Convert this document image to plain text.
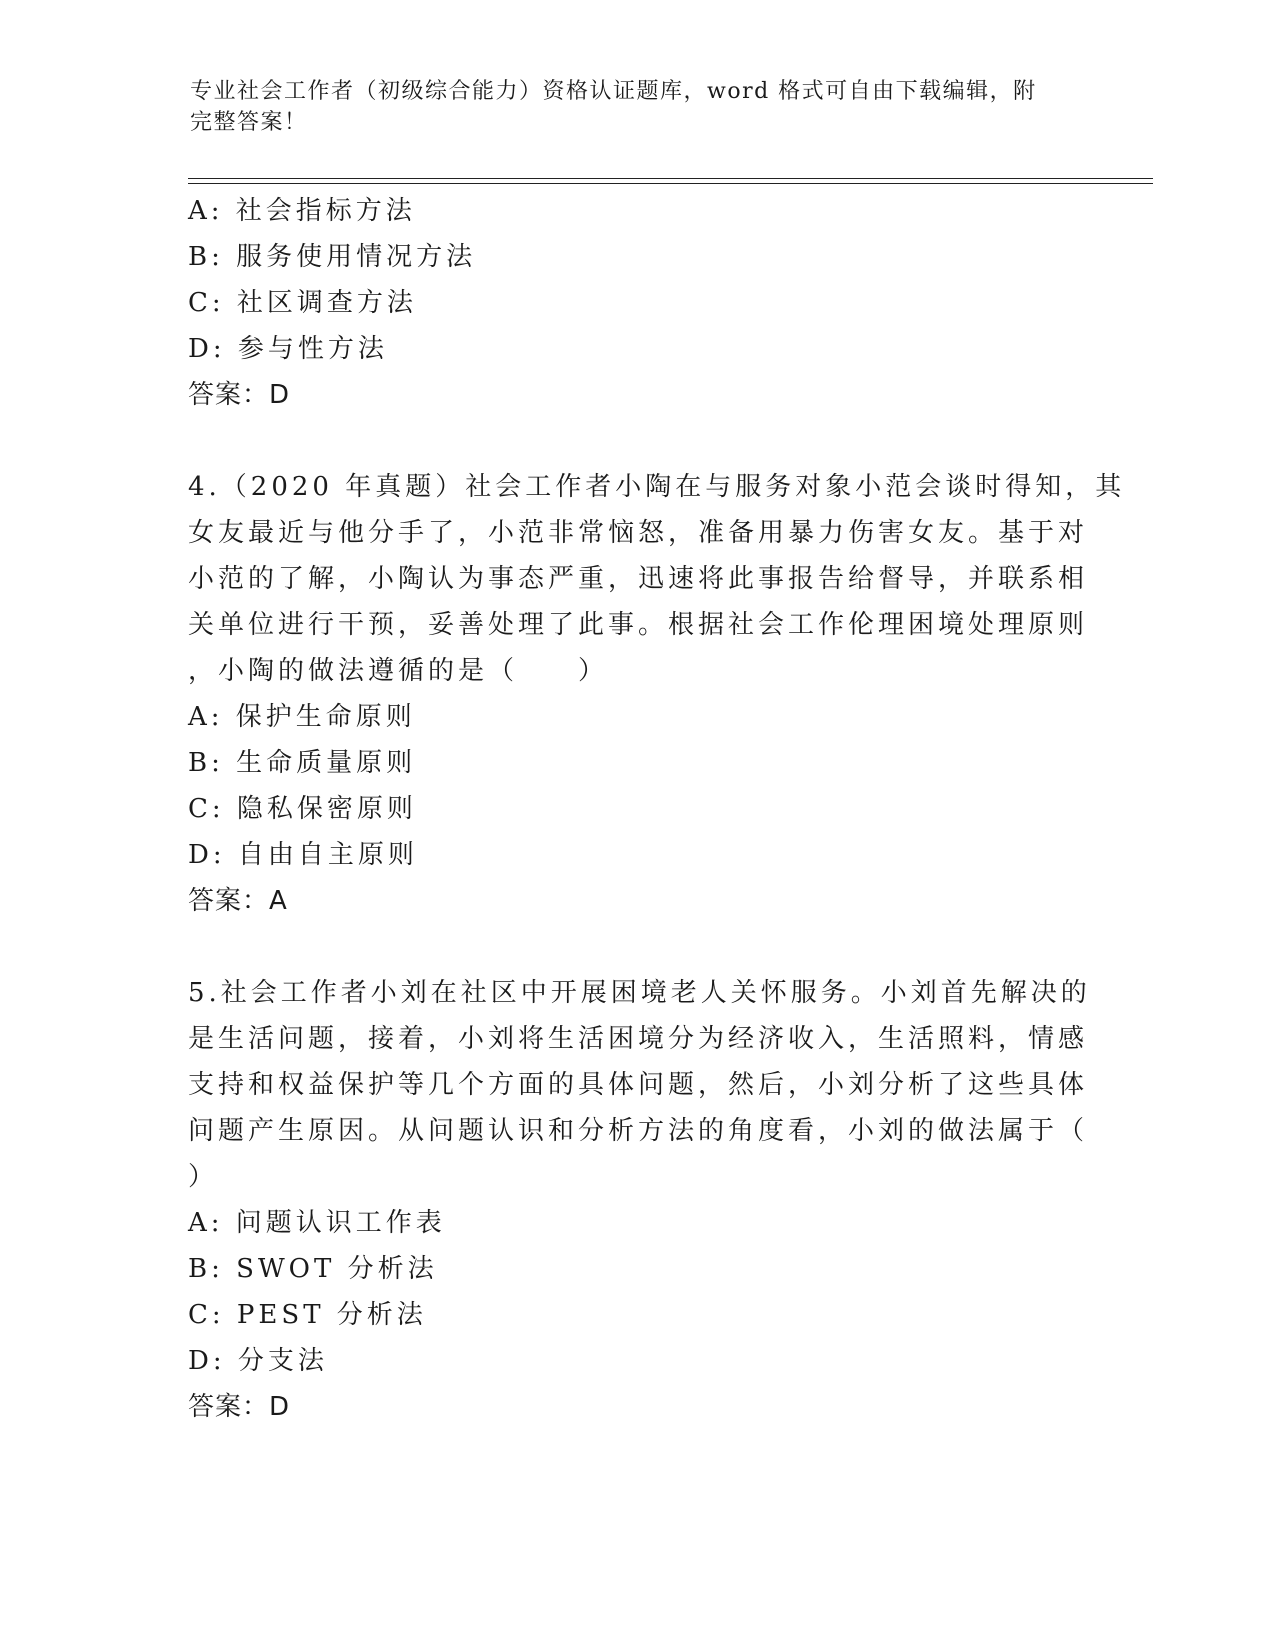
专业社会工作者（初级综合能力）资格认证题库，word 格式可自由下载编辑，附
完整答案！
A: 社会指标方法
B: 服务使用情况方法
C: 社区调查方法
D: 参与性方法
答案：D
4.（2020 年真题）社会工作者小陶在与服务对象小范会谈时得知，其
女友最近与他分手了，小范非常恼怒，准备用暴力伤害女友。基于对
小范的了解，小陶认为事态严重，迅速将此事报告给督导，并联系相
关单位进行干预，妥善处理了此事。根据社会工作伦理困境处理原则
，小陶的做法遵循的是（　　）
A: 保护生命原则
B: 生命质量原则
C: 隐私保密原则
D: 自由自主原则
答案：A
5.社会工作者小刘在社区中开展困境老人关怀服务。小刘首先解决的
是生活问题，接着，小刘将生活困境分为经济收入，生活照料，情感
支持和权益保护等几个方面的具体问题，然后，小刘分析了这些具体
问题产生原因。从问题认识和分析方法的角度看，小刘的做法属于（
）
A: 问题认识工作表
B: SWOT 分析法
C: PEST 分析法
D: 分支法
答案：D
